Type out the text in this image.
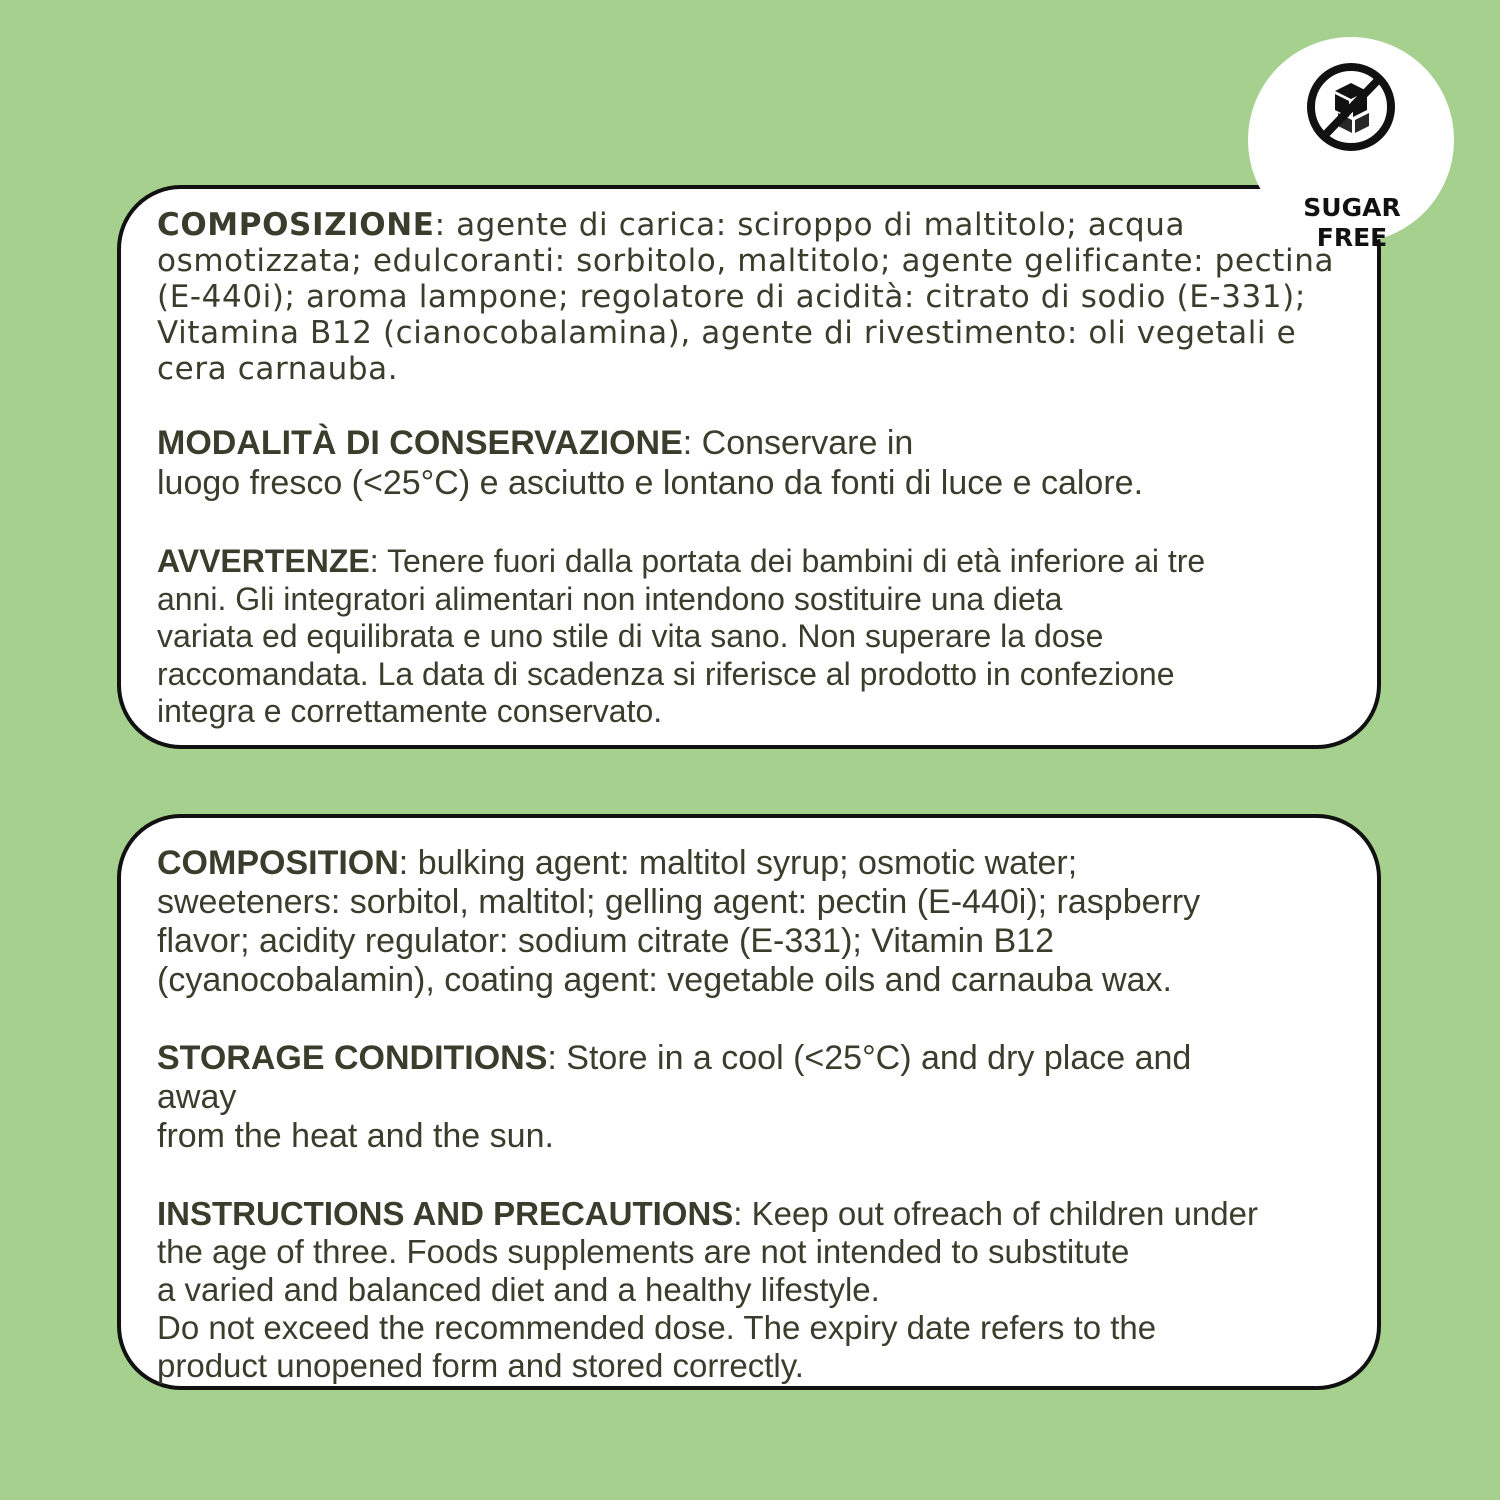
COMPOSIZIONE: agente di carica: sciroppo di maltitolo; acqua
osmotizzata; edulcoranti: sorbitolo, maltitolo; agente gelificante: pectina
(E-440i); aroma lampone; regolatore di acidità: citrato di sodio (E-331);
Vitamina B12 (cianocobalamina), agente di rivestimento: oli vegetali e
cera carnauba.

MODALITÀ DI CONSERVAZIONE: Conservare in
luogo fresco (<25°C) e asciutto e lontano da fonti di luce e calore.

AVVERTENZE: Tenere fuori dalla portata dei bambini di età inferiore ai tre
anni. Gli integratori alimentari non intendono sostituire una dieta
variata ed equilibrata e uno stile di vita sano. Non superare la dose
raccomandata. La data di scadenza si riferisce al prodotto in confezione
integra e correttamente conservato.

COMPOSITION: bulking agent: maltitol syrup; osmotic water;
sweeteners: sorbitol, maltitol; gelling agent: pectin (E-440i); raspberry
flavor; acidity regulator: sodium citrate (E-331); Vitamin B12
(cyanocobalamin), coating agent: vegetable oils and carnauba wax.

STORAGE CONDITIONS: Store in a cool (<25°C) and dry place and
away
from the heat and the sun.

INSTRUCTIONS AND PRECAUTIONS: Keep out ofreach of children under
the age of three. Foods supplements are not intended to substitute
a varied and balanced diet and a healthy lifestyle.
Do not exceed the recommended dose. The expiry date refers to the
product unopened form and stored correctly.

SUGAR
FREE
